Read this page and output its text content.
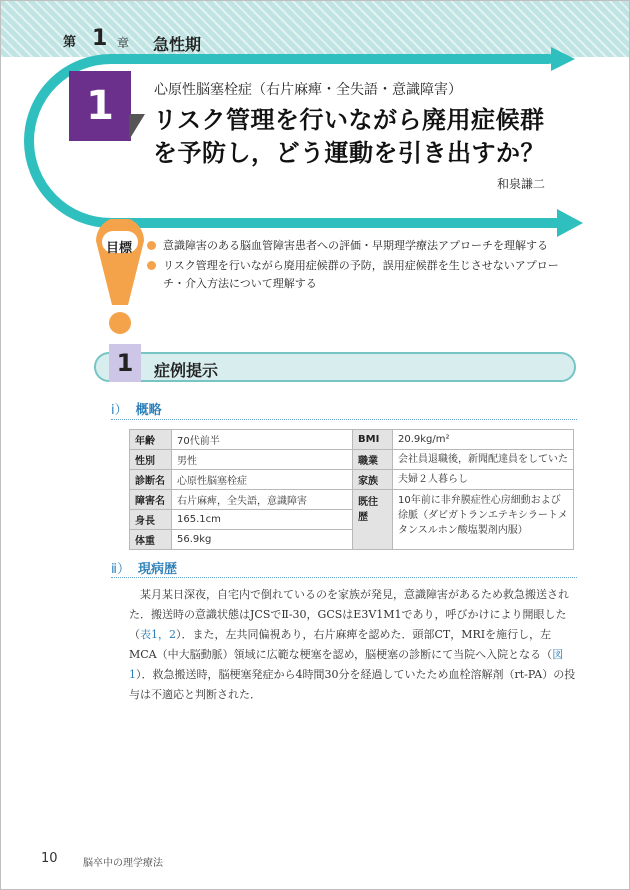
第 1 章 急性期
1	心原性脳塞栓症（右片麻痺・全失語・意識障害）
リスク管理を行いながら廃用症候群
を予防し，どう運動を引き出すか？
和泉謙二
目標	意識障害のある脳血管障害患者への評価・早期理学療法アプローチを理解する
リスク管理を行いながら廃用症候群の予防，誤用症候群を生じさせないアプローチ・介入方法について理解する
1	症例提示
ⅰ） 概略
年齢	70代前半	BMI	20.9kg/m²
性別	男性	職業	会社員退職後，新聞配達員をしていた
診断名	心原性脳塞栓症	家族	夫婦２人暮らし
障害名	右片麻痺，全失語，意識障害	既往歴	10年前に非弁膜症性心房細動および徐脈（ダビガトランエテキシラートメタンスルホン酸塩製剤内服）
身長	165.1cm		
体重	56.9kg		
ⅱ） 現病歴

某月某日深夜，自宅内で倒れているのを家族が発見，意識障害があるため救急搬送された．搬送時の意識状態はJCSでⅡ-30，GCSはE3V1M1であり，呼びかけにより開眼した（表1，2）．また，左共同偏視あり，右片麻痺を認めた．頭部CT，MRIを施行し，左MCA（中大脳動脈）領域に広範な梗塞を認め，脳梗塞の診断にて当院へ入院となる（図1）．救急搬送時，脳梗塞発症から4時間30分を経過していたため血栓溶解剤（rt-PA）の投与は不適応と判断された．

10	脳卒中の理学療法
